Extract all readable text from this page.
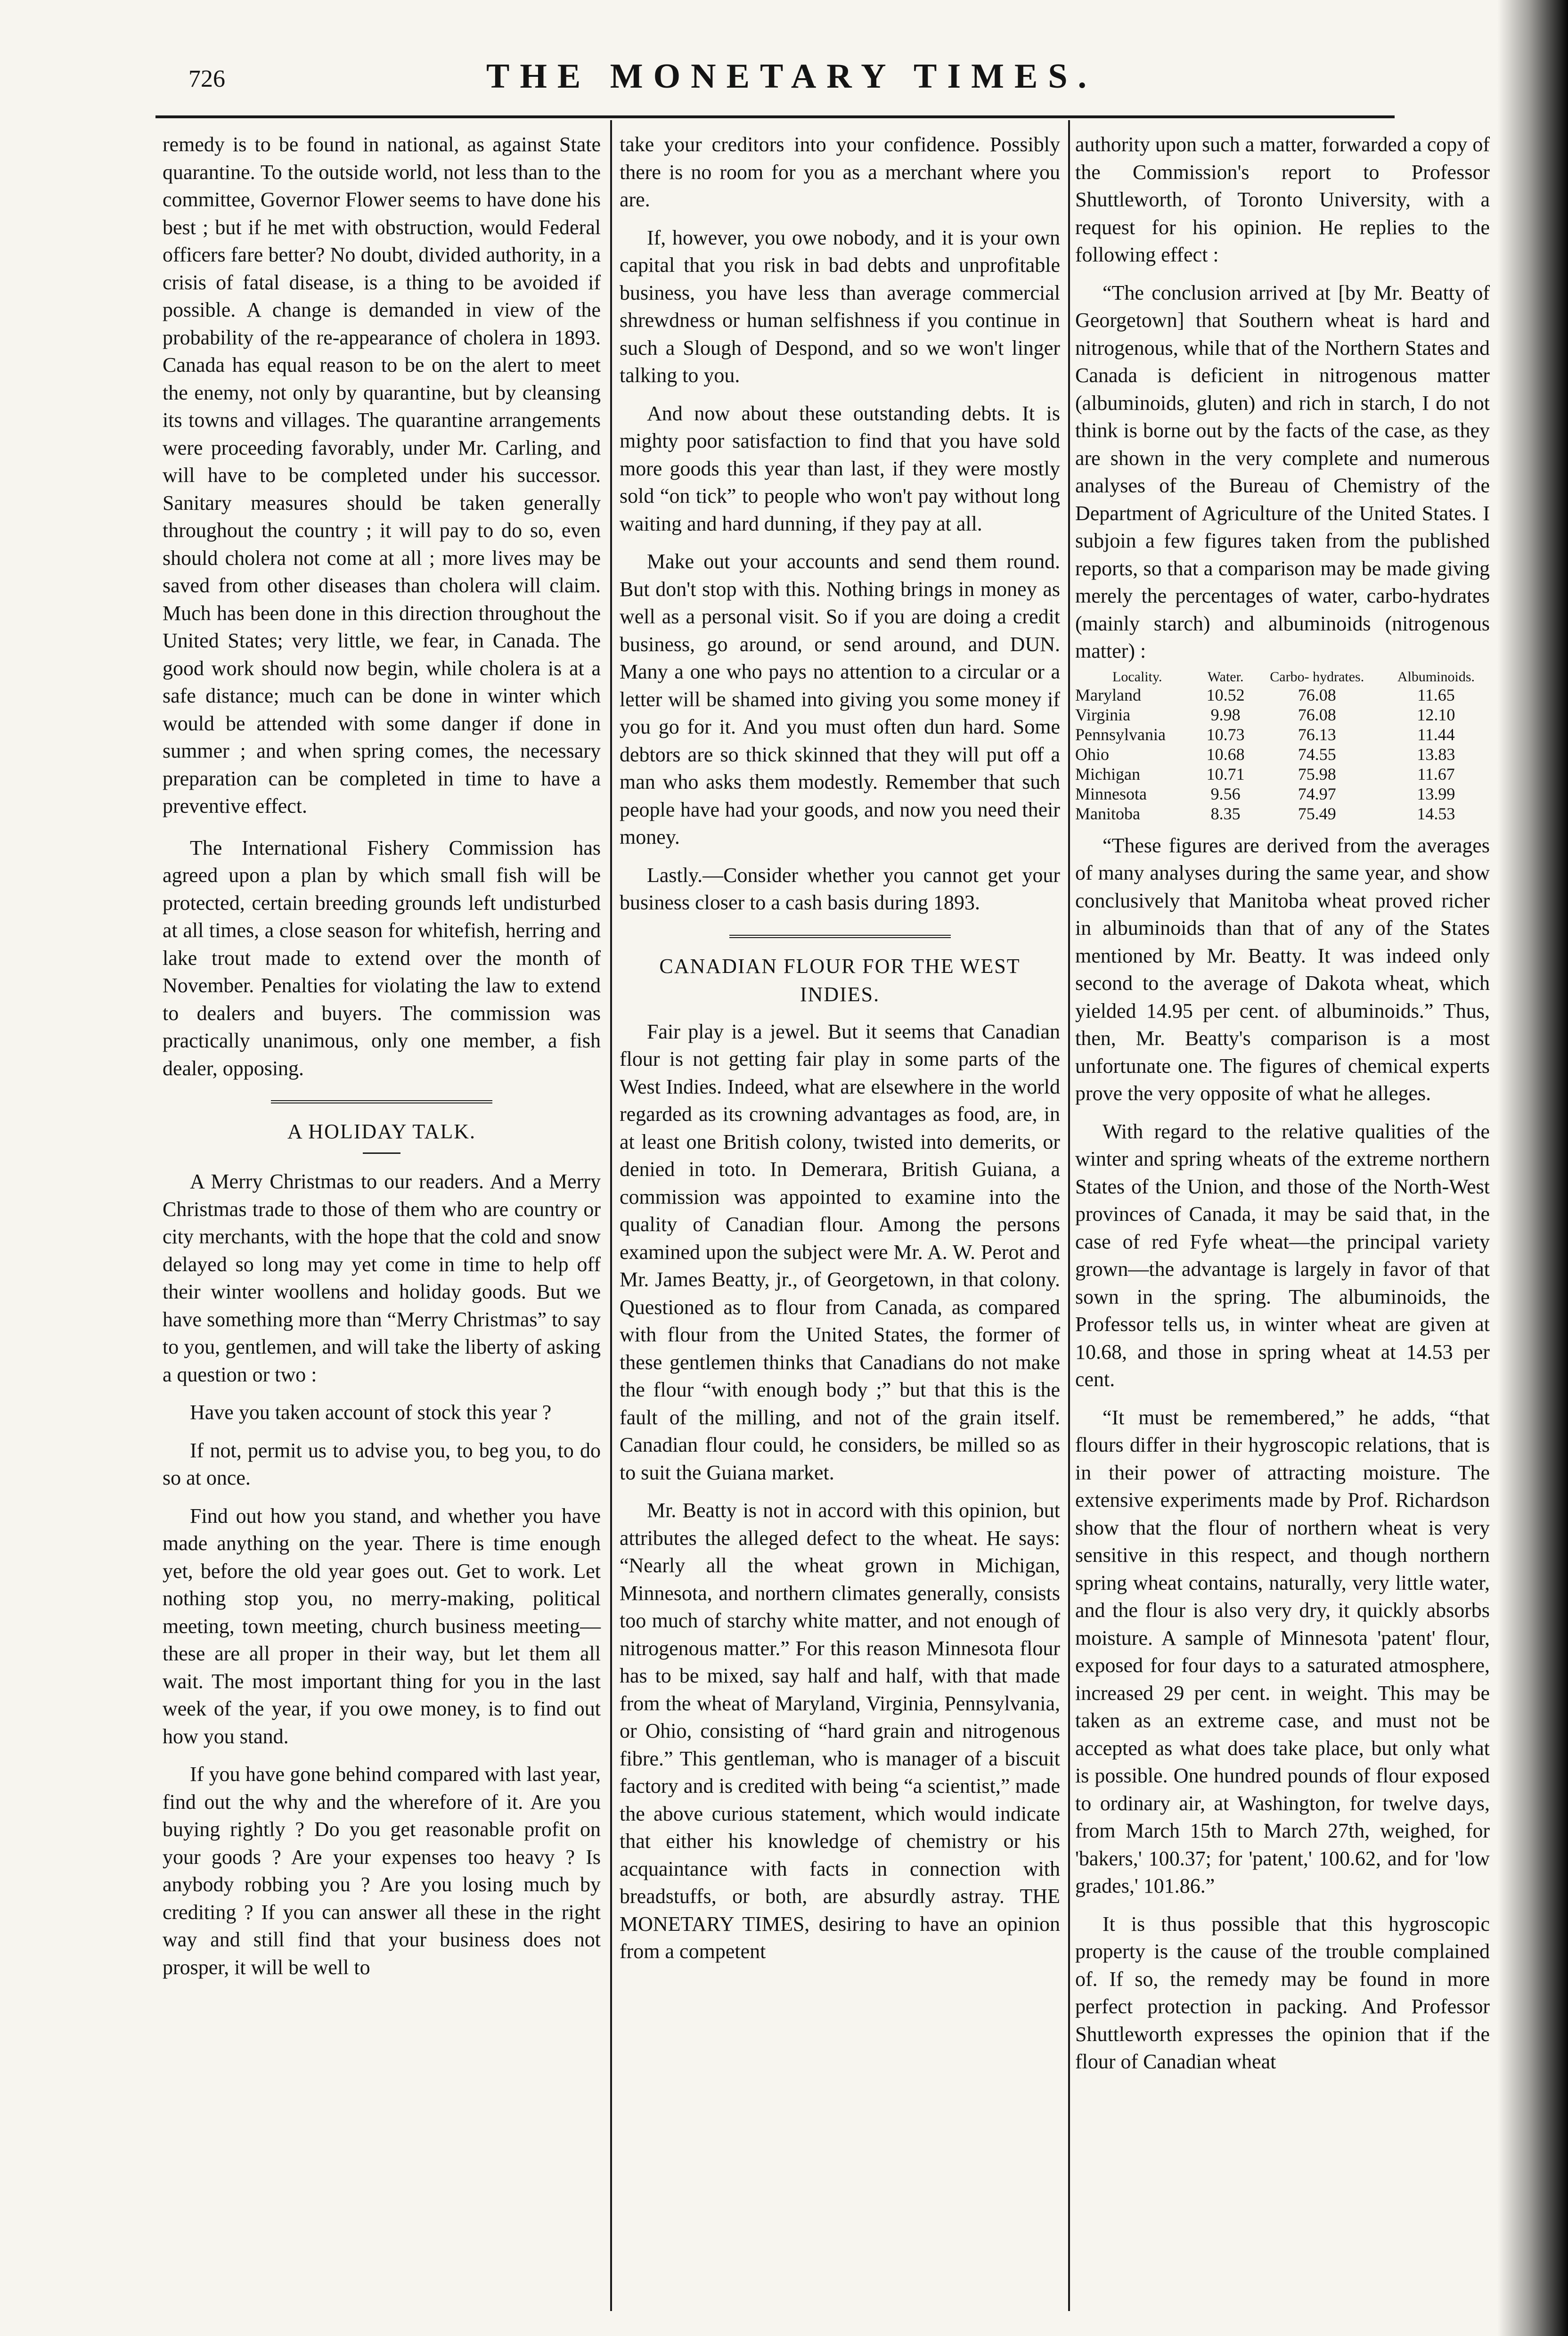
726	THE MONETARY TIMES.

remedy is to be found in national, as against State quarantine. To the outside world, not less than to the committee, Governor Flower seems to have done his best ; but if he met with obstruction, would Federal officers fare better? No doubt, divided authority, in a crisis of fatal disease, is a thing to be avoided if possible. A change is demanded in view of the probability of the re-appearance of cholera in 1893. Canada has equal reason to be on the alert to meet the enemy, not only by quarantine, but by cleansing its towns and villages. The quarantine arrangements were proceeding favorably, under Mr. Carling, and will have to be completed under his successor. Sanitary measures should be taken generally throughout the country ; it will pay to do so, even should cholera not come at all ; more lives may be saved from other diseases than cholera will claim. Much has been done in this direction throughout the United States; very little, we fear, in Canada. The good work should now begin, while cholera is at a safe distance; much can be done in winter which would be attended with some danger if done in summer ; and when spring comes, the necessary preparation can be completed in time to have a preventive effect.

The International Fishery Commission has agreed upon a plan by which small fish will be protected, certain breeding grounds left undisturbed at all times, a close season for whitefish, herring and lake trout made to extend over the month of November. Penalties for violating the law to extend to dealers and buyers. The commission was practically unanimous, only one member, a fish dealer, opposing.

A HOLIDAY TALK.

A Merry Christmas to our readers. And a Merry Christmas trade to those of them who are country or city merchants, with the hope that the cold and snow delayed so long may yet come in time to help off their winter woollens and holiday goods. But we have something more than “Merry Christmas” to say to you, gentlemen, and will take the liberty of asking a question or two :

Have you taken account of stock this year ?

If not, permit us to advise you, to beg you, to do so at once.

Find out how you stand, and whether you have made anything on the year. There is time enough yet, before the old year goes out. Get to work. Let nothing stop you, no merry-making, political meeting, town meeting, church business meeting—these are all proper in their way, but let them all wait. The most important thing for you in the last week of the year, if you owe money, is to find out how you stand.

If you have gone behind compared with last year, find out the why and the wherefore of it. Are you buying rightly ? Do you get reasonable profit on your goods ? Are your expenses too heavy ? Is anybody robbing you ? Are you losing much by crediting ? If you can answer all these in the right way and still find that your business does not prosper, it will be well to

take your creditors into your confidence. Possibly there is no room for you as a merchant where you are.

If, however, you owe nobody, and it is your own capital that you risk in bad debts and unprofitable business, you have less than average commercial shrewdness or human selfishness if you continue in such a Slough of Despond, and so we won't linger talking to you.

And now about these outstanding debts. It is mighty poor satisfaction to find that you have sold more goods this year than last, if they were mostly sold “on tick” to people who won't pay without long waiting and hard dunning, if they pay at all.

Make out your accounts and send them round. But don't stop with this. Nothing brings in money as well as a personal visit. So if you are doing a credit business, go around, or send around, and DUN. Many a one who pays no attention to a circular or a letter will be shamed into giving you some money if you go for it. And you must often dun hard. Some debtors are so thick skinned that they will put off a man who asks them modestly. Remember that such people have had your goods, and now you need their money.

Lastly.—Consider whether you cannot get your business closer to a cash basis during 1893.

CANADIAN FLOUR FOR THE WEST INDIES.

Fair play is a jewel. But it seems that Canadian flour is not getting fair play in some parts of the West Indies. Indeed, what are elsewhere in the world regarded as its crowning advantages as food, are, in at least one British colony, twisted into demerits, or denied in toto. In Demerara, British Guiana, a commission was appointed to examine into the quality of Canadian flour. Among the persons examined upon the subject were Mr. A. W. Perot and Mr. James Beatty, jr., of Georgetown, in that colony. Questioned as to flour from Canada, as compared with flour from the United States, the former of these gentlemen thinks that Canadians do not make the flour “with enough body ;” but that this is the fault of the milling, and not of the grain itself. Canadian flour could, he considers, be milled so as to suit the Guiana market.

Mr. Beatty is not in accord with this opinion, but attributes the alleged defect to the wheat. He says: “Nearly all the wheat grown in Michigan, Minnesota, and northern climates generally, consists too much of starchy white matter, and not enough of nitrogenous matter.” For this reason Minnesota flour has to be mixed, say half and half, with that made from the wheat of Maryland, Virginia, Pennsylvania, or Ohio, consisting of “hard grain and nitrogenous fibre.” This gentleman, who is manager of a biscuit factory and is credited with being “a scientist,” made the above curious statement, which would indicate that either his knowledge of chemistry or his acquaintance with facts in connection with breadstuffs, or both, are absurdly astray. THE MONETARY TIMES, desiring to have an opinion from a competent

authority upon such a matter, forwarded a copy of the Commission's report to Professor Shuttleworth, of Toronto University, with a request for his opinion. He replies to the following effect :

“The conclusion arrived at [by Mr. Beatty of Georgetown] that Southern wheat is hard and nitrogenous, while that of the Northern States and Canada is deficient in nitrogenous matter (albuminoids, gluten) and rich in starch, I do not think is borne out by the facts of the case, as they are shown in the very complete and numerous analyses of the Bureau of Chemistry of the Department of Agriculture of the United States. I subjoin a few figures taken from the published reports, so that a comparison may be made giving merely the percentages of water, carbo-hydrates (mainly starch) and albuminoids (nitrogenous matter) :

Locality.	Water.	Carbo- hydrates.	Albuminoids.
Maryland	10.52	76.08	11.65
Virginia	9.98	76.08	12.10
Pennsylvania	10.73	76.13	11.44
Ohio	10.68	74.55	13.83
Michigan	10.71	75.98	11.67
Minnesota	9.56	74.97	13.99
Manitoba	8.35	75.49	14.53

“These figures are derived from the averages of many analyses during the same year, and show conclusively that Manitoba wheat proved richer in albuminoids than that of any of the States mentioned by Mr. Beatty. It was indeed only second to the average of Dakota wheat, which yielded 14.95 per cent. of albuminoids.” Thus, then, Mr. Beatty's comparison is a most unfortunate one. The figures of chemical experts prove the very opposite of what he alleges.

With regard to the relative qualities of the winter and spring wheats of the extreme northern States of the Union, and those of the North-West provinces of Canada, it may be said that, in the case of red Fyfe wheat—the principal variety grown—the advantage is largely in favor of that sown in the spring. The albuminoids, the Professor tells us, in winter wheat are given at 10.68, and those in spring wheat at 14.53 per cent.

“It must be remembered,” he adds, “that flours differ in their hygroscopic relations, that is in their power of attracting moisture. The extensive experiments made by Prof. Richardson show that the flour of northern wheat is very sensitive in this respect, and though northern spring wheat contains, naturally, very little water, and the flour is also very dry, it quickly absorbs moisture. A sample of Minnesota 'patent' flour, exposed for four days to a saturated atmosphere, increased 29 per cent. in weight. This may be taken as an extreme case, and must not be accepted as what does take place, but only what is possible. One hundred pounds of flour exposed to ordinary air, at Washington, for twelve days, from March 15th to March 27th, weighed, for 'bakers,' 100.37; for 'patent,' 100.62, and for 'low grades,' 101.86.”

It is thus possible that this hygroscopic property is the cause of the trouble complained of. If so, the remedy may be found in more perfect protection in packing. And Professor Shuttleworth expresses the opinion that if the flour of Canadian wheat
